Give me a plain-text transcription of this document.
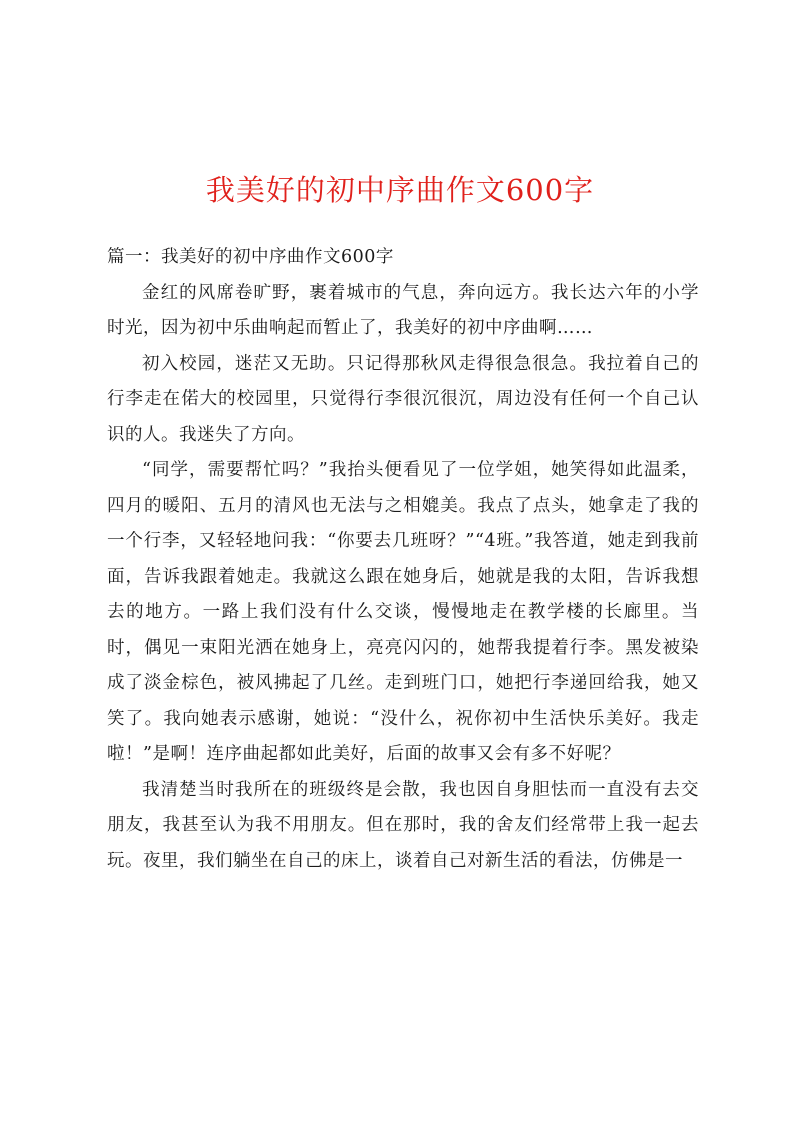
我美好的初中序曲作文600字

篇一：我美好的初中序曲作文600字

金红的风席卷旷野，裹着城市的气息，奔向远方。我长达六年的小学时光，因为初中乐曲响起而暂止了，我美好的初中序曲啊……

初入校园，迷茫又无助。只记得那秋风走得很急很急。我拉着自己的行李走在偌大的校园里，只觉得行李很沉很沉，周边没有任何一个自己认识的人。我迷失了方向。

“同学，需要帮忙吗？”我抬头便看见了一位学姐，她笑得如此温柔，四月的暖阳、五月的清风也无法与之相媲美。我点了点头，她拿走了我的一个行李，又轻轻地问我：“你要去几班呀？”“4班。”我答道，她走到我前面，告诉我跟着她走。我就这么跟在她身后，她就是我的太阳，告诉我想去的地方。一路上我们没有什么交谈，慢慢地走在教学楼的长廊里。当时，偶见一束阳光洒在她身上，亮亮闪闪的，她帮我提着行李。黑发被染成了淡金棕色，被风拂起了几丝。走到班门口，她把行李递回给我，她又笑了。我向她表示感谢，她说：“没什么，祝你初中生活快乐美好。我走啦！”是啊！连序曲起都如此美好，后面的故事又会有多不好呢？

我清楚当时我所在的班级终是会散，我也因自身胆怯而一直没有去交朋友，我甚至认为我不用朋友。但在那时，我的舍友们经常带上我一起去玩。夜里，我们躺坐在自己的床上，谈着自己对新生活的看法，仿佛是一
